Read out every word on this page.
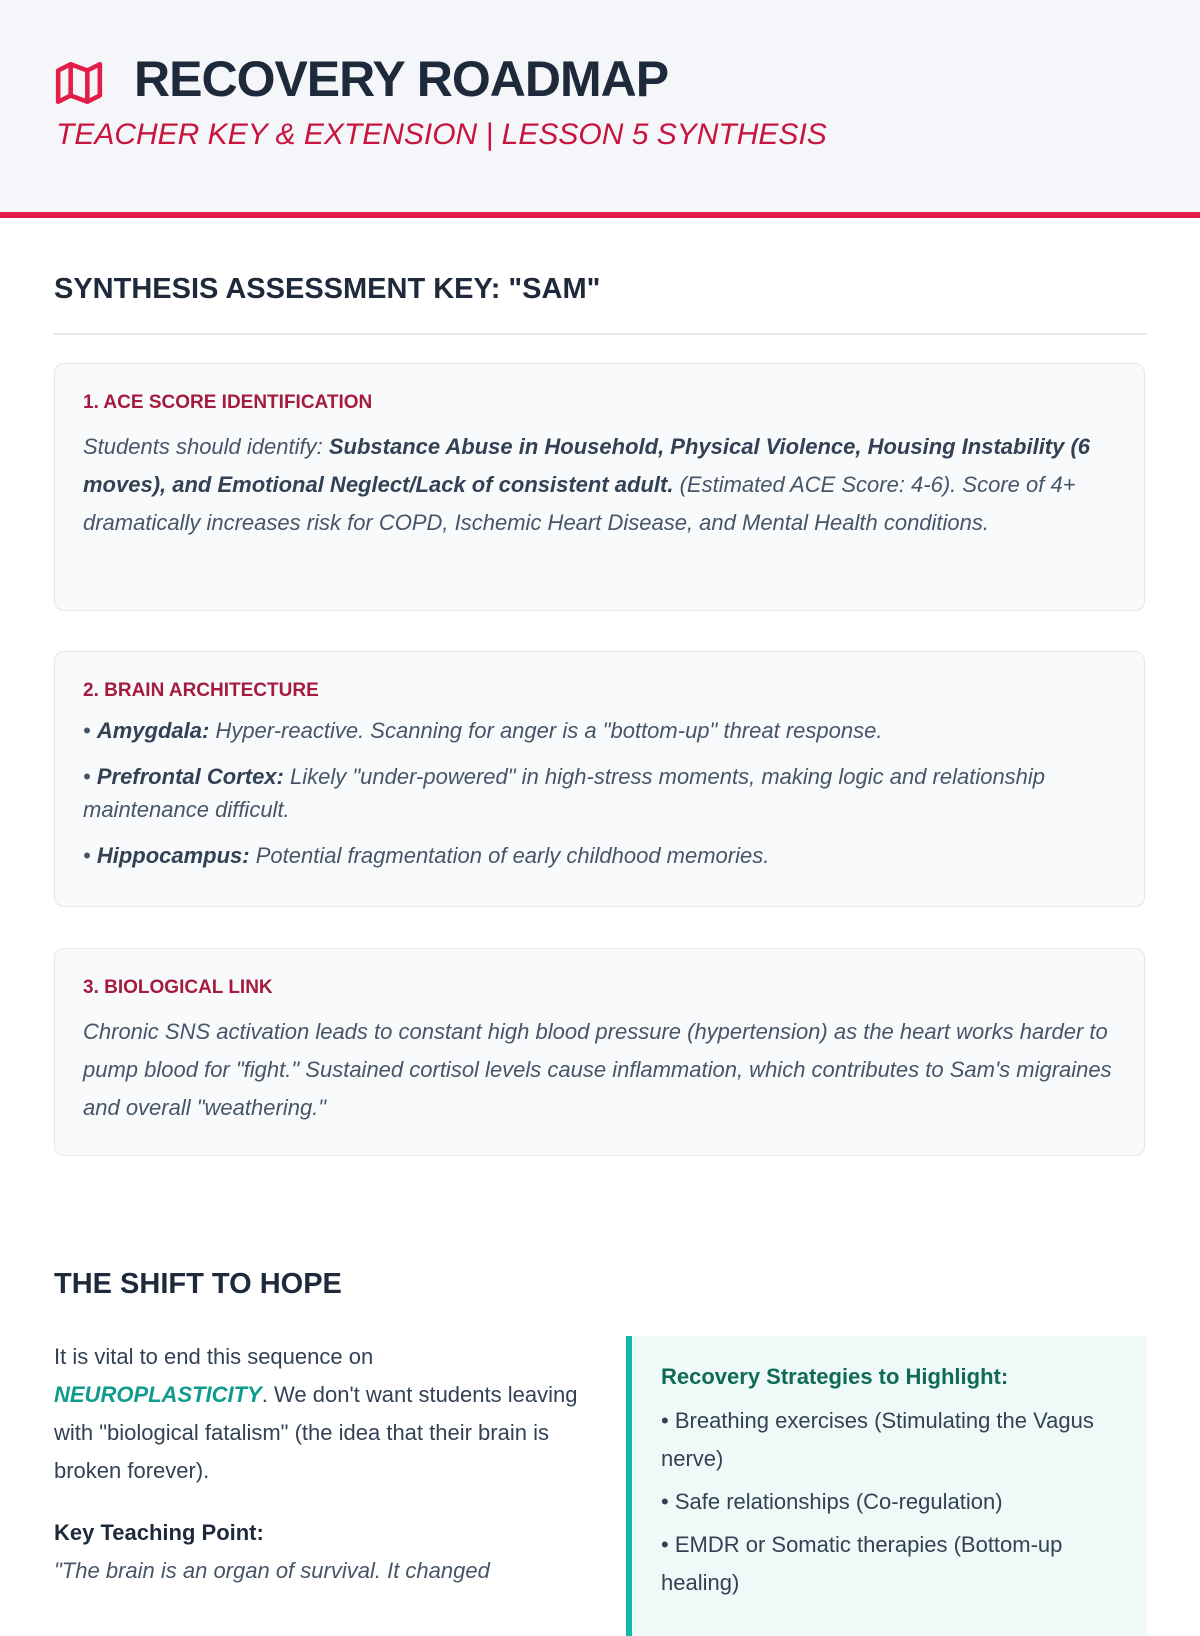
RECOVERY ROADMAP
TEACHER KEY & EXTENSION | LESSON 5 SYNTHESIS
SYNTHESIS ASSESSMENT KEY: "SAM"
1. ACE SCORE IDENTIFICATION

Students should identify: Substance Abuse in Household, Physical Violence, Housing Instability (6 moves), and Emotional Neglect/Lack of consistent adult. (Estimated ACE Score: 4-6). Score of 4+ dramatically increases risk for COPD, Ischemic Heart Disease, and Mental Health conditions.

2. BRAIN ARCHITECTURE
• Amygdala: Hyper-reactive. Scanning for anger is a "bottom-up" threat response.
• Prefrontal Cortex: Likely "under-powered" in high-stress moments, making logic and relationship maintenance difficult.
• Hippocampus: Potential fragmentation of early childhood memories.
3. BIOLOGICAL LINK

Chronic SNS activation leads to constant high blood pressure (hypertension) as the heart works harder to pump blood for "fight." Sustained cortisol levels cause inflammation, which contributes to Sam's migraines and overall "weathering."

THE SHIFT TO HOPE

It is vital to end this sequence on NEUROPLASTICITY. We don't want students leaving with "biological fatalism" (the idea that their brain is broken forever).

Key Teaching Point:

"The brain is an organ of survival. It changed

Recovery Strategies to Highlight:
• Breathing exercises (Stimulating the Vagus nerve)
• Safe relationships (Co-regulation)
• EMDR or Somatic therapies (Bottom-up healing)
